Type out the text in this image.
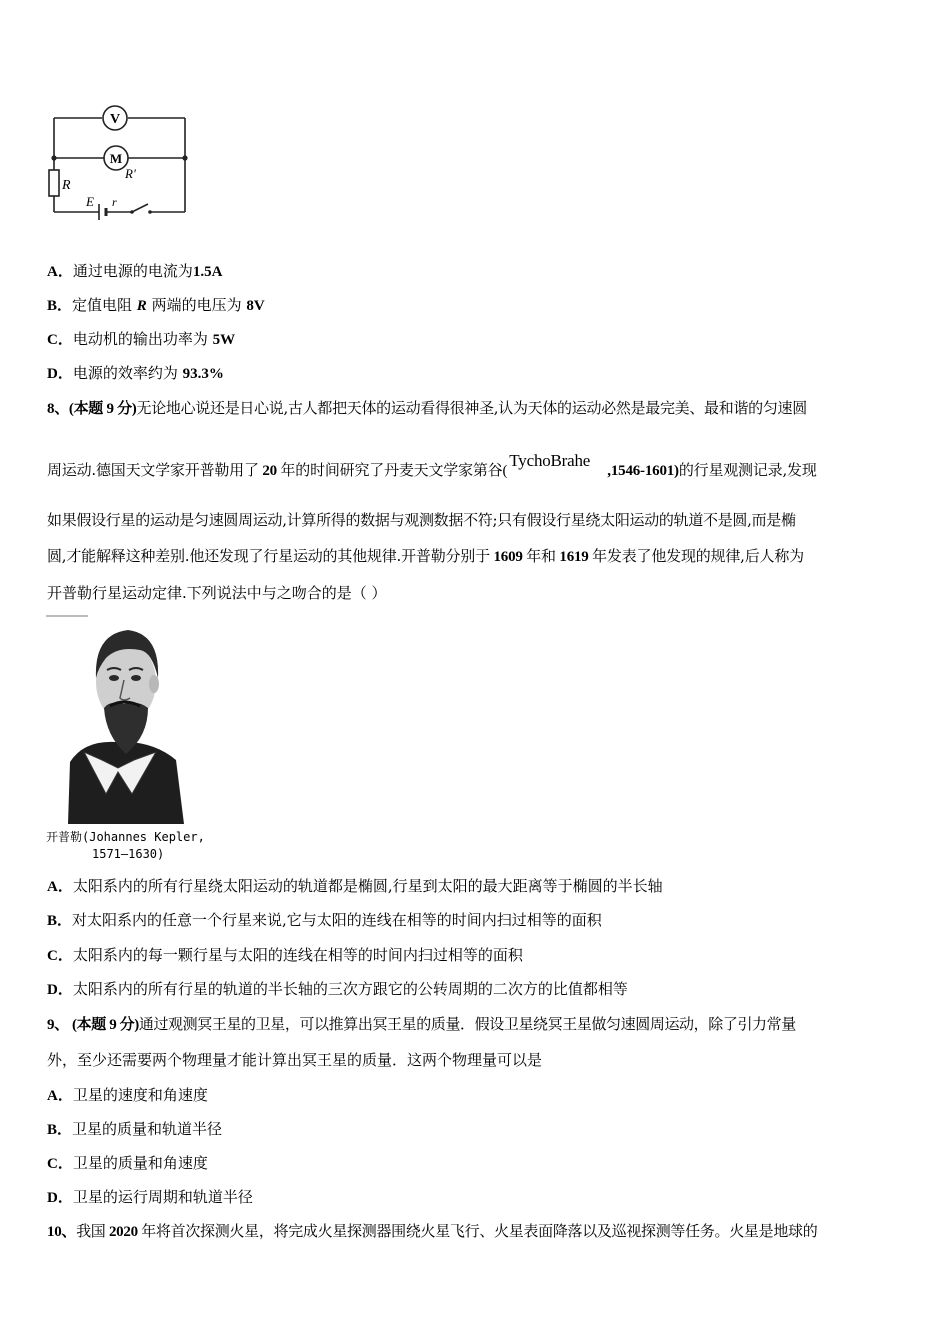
V
M
R'
R
E r
A．通过电源的电流为1.5A
B．定值电阻 R 两端的电压为 8V
C．电动机的输出功率为 5W
D．电源的效率约为 93.3%
8、(本题 9 分)无论地心说还是日心说,古人都把天体的运动看得很神圣,认为天体的运动必然是最完美、最和谐的匀速圆
周运动.德国天文学家开普勒用了 20 年的时间研究了丹麦天文学家第谷(
TychoBrahe
,1546-1601)的行星观测记录,发现
如果假设行星的运动是匀速圆周运动,计算所得的数据与观测数据不符;只有假设行星绕太阳运动的轨道不是圆,而是椭
圆,才能解释这种差别.他还发现了行星运动的其他规律.开普勒分别于 1609 年和 1619 年发表了他发现的规律,后人称为
开普勒行星运动定律.下列说法中与之吻合的是（ ）
开普勒(Johannes Kepler,
1571—1630)
A．太阳系内的所有行星绕太阳运动的轨道都是椭圆,行星到太阳的最大距离等于椭圆的半长轴
B．对太阳系内的任意一个行星来说,它与太阳的连线在相等的时间内扫过相等的面积
C．太阳系内的每一颗行星与太阳的连线在相等的时间内扫过相等的面积
D．太阳系内的所有行星的轨道的半长轴的三次方跟它的公转周期的二次方的比值都相等
9、 (本题 9 分)通过观测冥王星的卫星，可以推算出冥王星的质量．假设卫星绕冥王星做匀速圆周运动，除了引力常量
外，至少还需要两个物理量才能计算出冥王星的质量．这两个物理量可以是
A．卫星的速度和角速度
B．卫星的质量和轨道半径
C．卫星的质量和角速度
D．卫星的运行周期和轨道半径
10、我国 2020 年将首次探测火星，将完成火星探测器围绕火星飞行、火星表面降落以及巡视探测等任务。火星是地球的
